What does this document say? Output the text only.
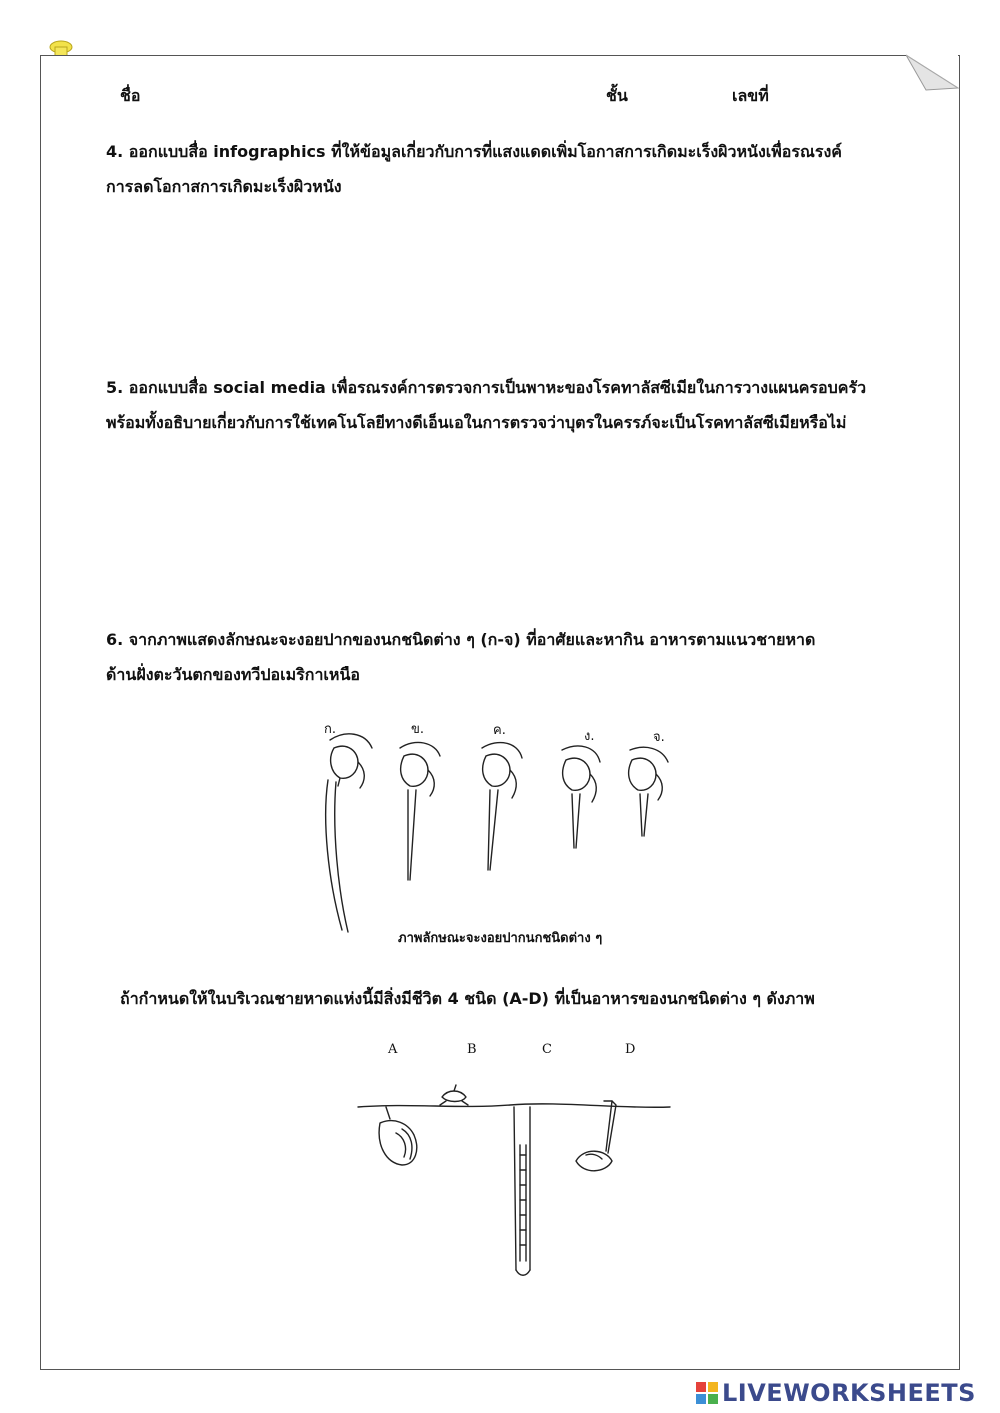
ชื่อ	ชั้น	เลขที่
4. ออกแบบสื่อ infographics ที่ให้ข้อมูลเกี่ยวกับการที่แสงแดดเพิ่มโอกาสการเกิดมะเร็งผิวหนังเพื่อรณรงค์
การลดโอกาสการเกิดมะเร็งผิวหนัง
5. ออกแบบสื่อ social media เพื่อรณรงค์การตรวจการเป็นพาหะของโรคทาลัสซีเมียในการวางแผนครอบครัว
พร้อมทั้งอธิบายเกี่ยวกับการใช้เทคโนโลยีทางดีเอ็นเอในการตรวจว่าบุตรในครรภ์จะเป็นโรคทาลัสซีเมียหรือไม่
6. จากภาพแสดงลักษณะจะงอยปากของนกชนิดต่าง ๆ (ก-จ) ที่อาศัยและหากิน อาหารตามแนวชายหาด
ด้านฝั่งตะวันตกของทวีปอเมริกาเหนือ
ก.	ข.	ค.	ง.	จ.
ภาพลักษณะจะงอยปากนกชนิดต่าง ๆ
ถ้ากำหนดให้ในบริเวณชายหาดแห่งนี้มีสิ่งมีชีวิต 4 ชนิด (A-D) ที่เป็นอาหารของนกชนิดต่าง ๆ ดังภาพ
A	B	C	D
LIVEWORKSHEETS
